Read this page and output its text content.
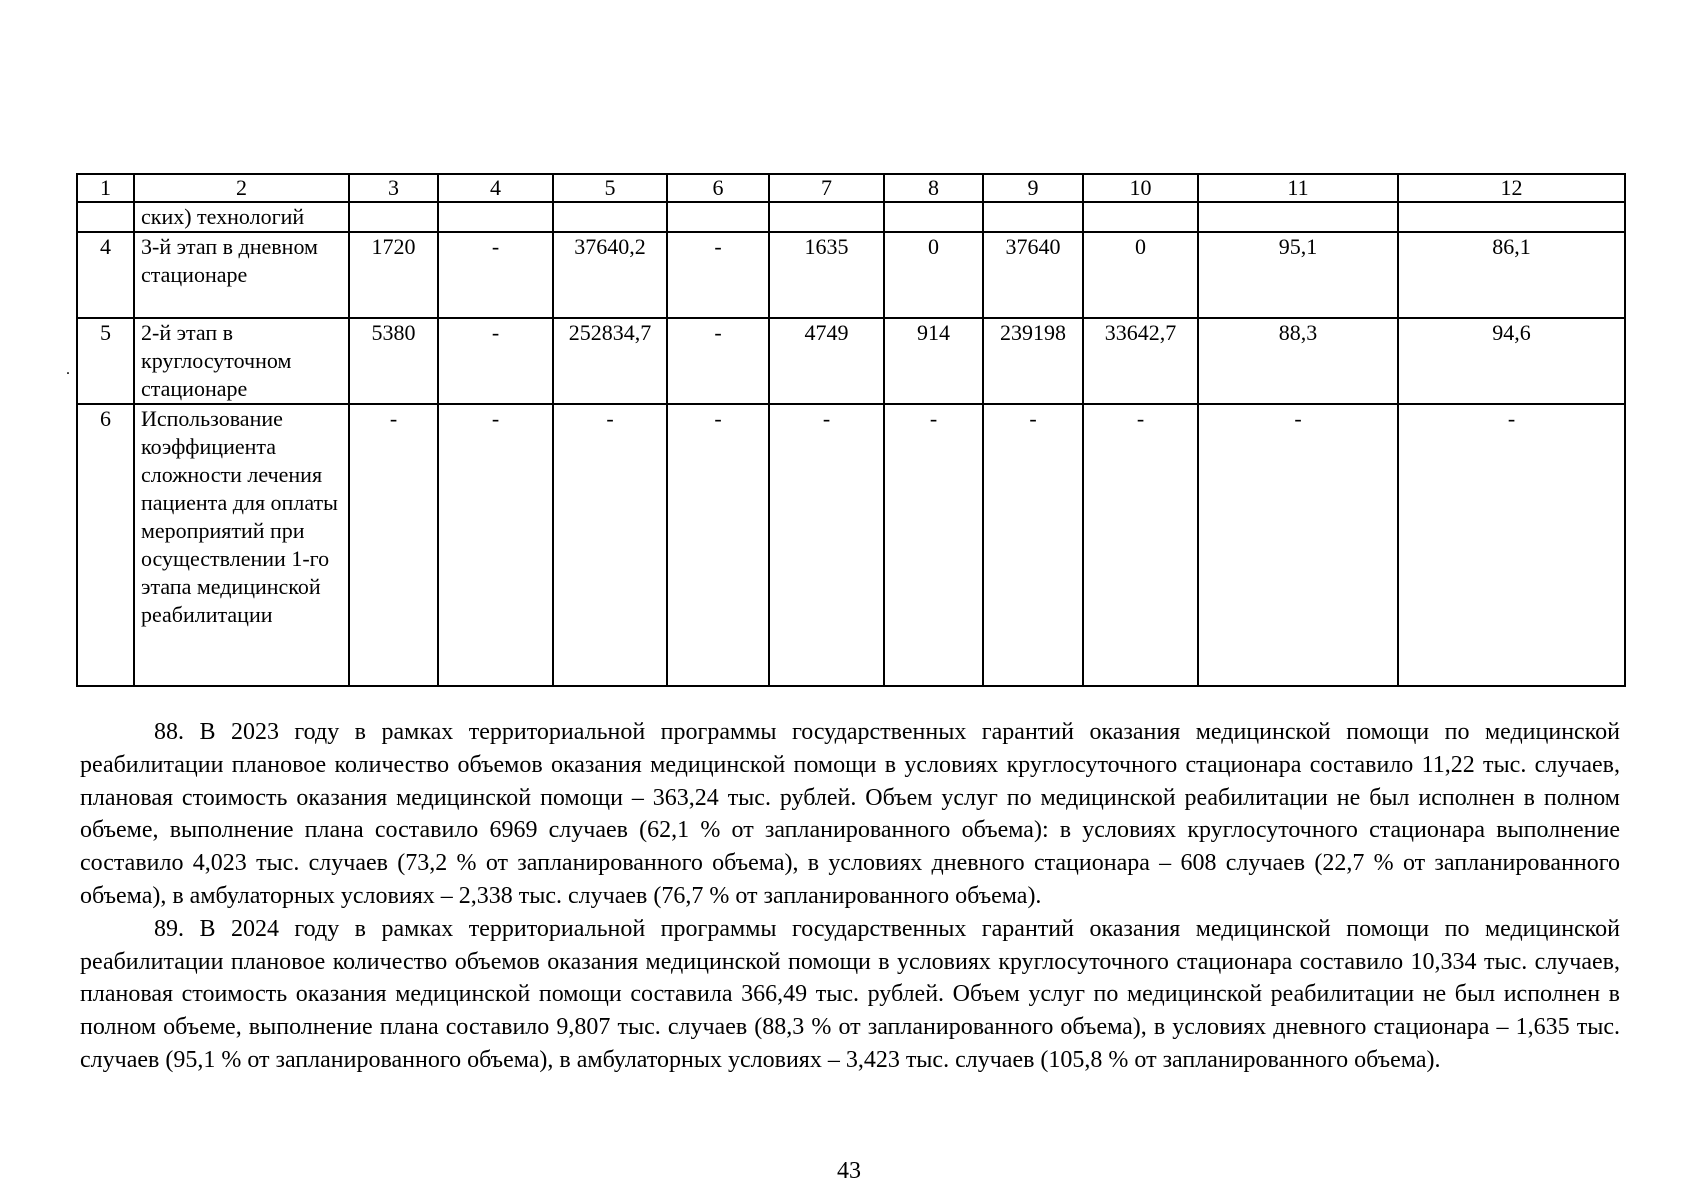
.
1	2	3	4	5	6	7	8	9	10	11	12
	ских) технологий										
4	3-й этап в дневном стационаре	1720	-	37640,2	-	1635	0	37640	0	95,1	86,1
5	2-й этап в круглосуточном стационаре	5380	-	252834,7	-	4749	914	239198	33642,7	88,3	94,6
6	Использование коэффициента сложности лечения пациента для оплаты мероприятий при осуществлении 1-го этапа медицинской реабилитации	-	-	-	-	-	-	-	-	-	-

88. В 2023 году в рамках территориальной программы государственных гарантий оказания медицинской помощи по медицинской реабилитации плановое количество объемов оказания медицинской помощи в условиях круглосуточного стационара составило 11,22 тыс. случаев, плановая стоимость оказания медицинской помощи – 363,24 тыс. рублей. Объем услуг по медицинской реабилитации не был исполнен в полном объеме, выполнение плана составило 6969 случаев (62,1 % от запланированного объема): в условиях круглосуточного стационара выполнение составило 4,023 тыс. случаев (73,2 % от запланированного объема), в условиях дневного стационара – 608 случаев (22,7 % от запланированного объема), в амбулаторных условиях – 2,338 тыс. случаев (76,7 % от запланированного объема).

89. В 2024 году в рамках территориальной программы государственных гарантий оказания медицинской помощи по медицинской реабилитации плановое количество объемов оказания медицинской помощи в условиях круглосуточного стационара составило 10,334 тыс. случаев, плановая стоимость оказания медицинской помощи составила 366,49 тыс. рублей. Объем услуг по медицинской реабилитации не был исполнен в полном объеме, выполнение плана составило 9,807 тыс. случаев (88,3 % от запланированного объема), в условиях дневного стационара – 1,635 тыс. случаев (95,1 % от запланированного объема), в амбулаторных условиях – 3,423 тыс. случаев (105,8 % от запланированного объема).

43
